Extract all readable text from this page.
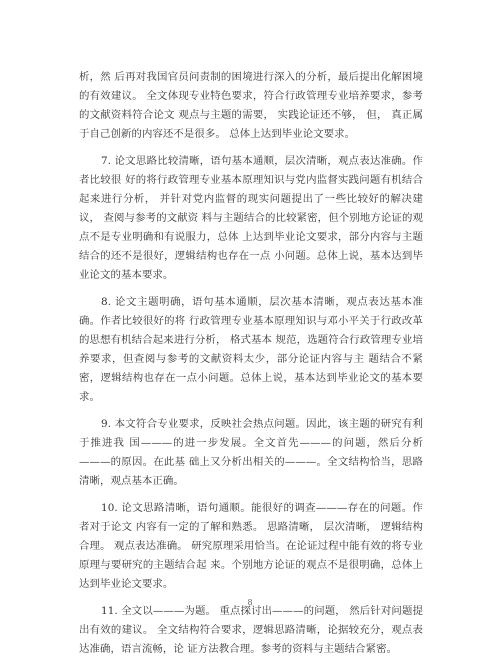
析，然 后再对我国官员问责制的困境进行深入的分析，最后提出化解困境的有效建议。 全文体现专业特色要求，符合行政管理专业培养要求，参考的文献资料符合论文 观点与主题的需要， 实践论证还不够， 但， 真正属于自己创新的内容还不是很多。 总体上达到毕业论文要求。

7. 论文思路比较清晰，语句基本通顺，层次清晰，观点表达准确。作者比较很 好的将行政管理专业基本原理知识与党内监督实践问题有机结合起来进行分析， 并针对党内监督的现实问题提出了一些比较好的解决建议， 查阅与参考的文献资 料与主题结合的比较紧密，但个别地方论证的观点不是专业明确和有说服力，总体 上达到毕业论文要求，部分内容与主题结合的还不是很好，逻辑结构也存在一点 小问题。总体上说，基本达到毕业论文的基本要求。

8. 论文主题明确，语句基本通顺，层次基本清晰，观点表达基本准确。作者比较很好的将 行政管理专业基本原理知识与邓小平关于行政改革的思想有机结合起来进行分析， 格式基本 规范，选题符合行政管理专业培养要求，但查阅与参考的文献资料太少，部分论证内容与主 题结合不紧密，逻辑结构也存在一点小问题。总体上说，基本达到毕业论文的基本要求。

9. 本文符合专业要求，反映社会热点问题。因此，该主题的研究有利于推进我 国———的进一步发展。全文首先———的问题，然后分析———的原因。在此基 础上又分析出相关的———。全文结构恰当，思路清晰，观点基本正确。

10. 论文思路清晰，语句通顺。能很好的调查———存在的问题。作者对于论文 内容有一定的了解和熟悉。 思路清晰， 层次清晰， 逻辑结构合理。 观点表达准确。 研究原理采用恰当。在论证过程中能有效的将专业原理与要研究的主题结合起 来。个别地方论证的观点不是很明确，总体上达到毕业论文要求。

11. 全文以———为题。 重点探讨出———的问题， 然后针对问题提出有效的建议。 全文结构符合要求，逻辑思路清晰，论据较充分，观点表达准确，语言流畅，论 证方法教合理。参考的资料与主题结合紧密。

8
